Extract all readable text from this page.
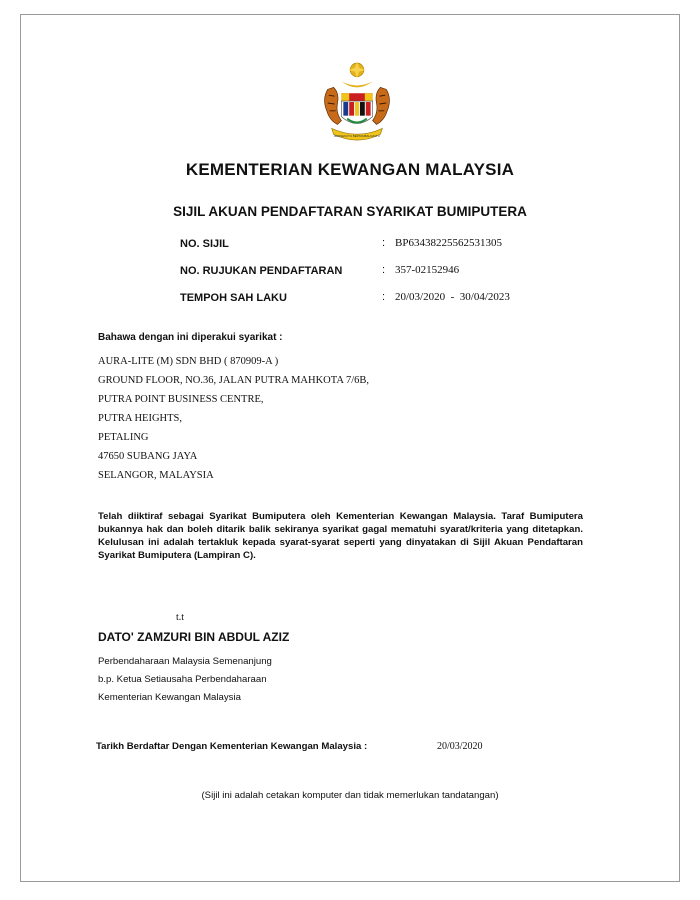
BERSEKUTU BERTAMBAH MUTU
KEMENTERIAN KEWANGAN MALAYSIA
SIJIL AKUAN PENDAFTARAN SYARIKAT BUMIPUTERA
NO. SIJIL	: BP63438225562531305
NO. RUJUKAN PENDAFTARAN	: 357-02152946
TEMPOH SAH LAKU	: 20/03/2020  -  30/04/2023
Bahawa dengan ini diperakui syarikat :
AURA-LITE (M) SDN BHD ( 870909-A )
GROUND FLOOR, NO.36, JALAN PUTRA MAHKOTA 7/6B,
PUTRA POINT BUSINESS CENTRE,
PUTRA HEIGHTS,
PETALING
47650 SUBANG JAYA
SELANGOR, MALAYSIA
Telah diiktiraf sebagai Syarikat Bumiputera oleh Kementerian Kewangan Malaysia. Taraf Bumiputera bukannya hak dan boleh ditarik balik sekiranya syarikat gagal mematuhi syarat/kriteria yang ditetapkan. Kelulusan ini adalah tertakluk kepada syarat-syarat seperti yang dinyatakan di Sijil Akuan Pendaftaran Syarikat Bumiputera (Lampiran C).
t.t
DATO' ZAMZURI BIN ABDUL AZIZ
Perbendaharaan Malaysia Semenanjung
b.p. Ketua Setiausaha Perbendaharaan
Kementerian Kewangan Malaysia
Tarikh Berdaftar Dengan Kementerian Kewangan Malaysia :	20/03/2020
(Sijil ini adalah cetakan komputer dan tidak memerlukan tandatangan)
